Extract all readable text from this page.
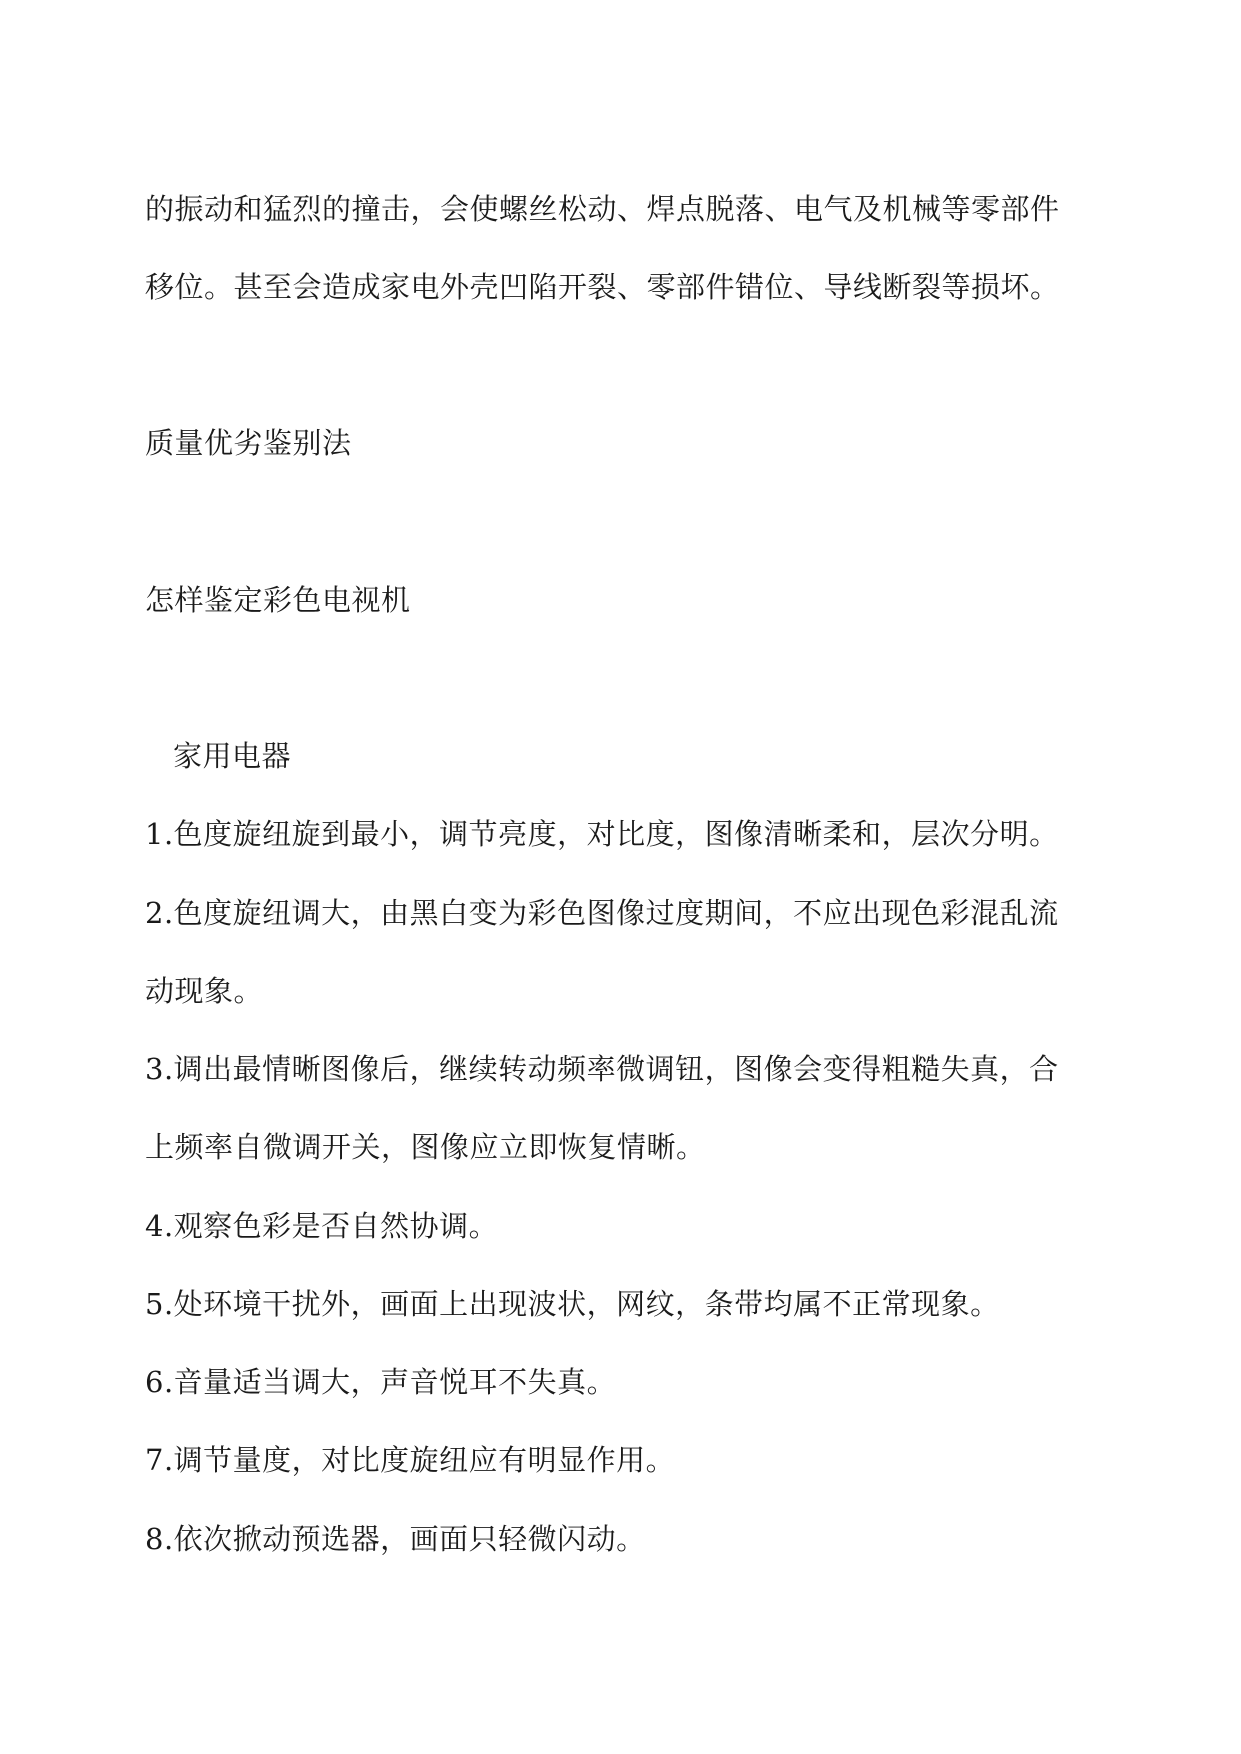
的振动和猛烈的撞击，会使螺丝松动、焊点脱落、电气及机械等零部件
移位。甚至会造成家电外壳凹陷开裂、零部件错位、导线断裂等损坏。
质量优劣鉴别法
怎样鉴定彩色电视机
家用电器
1.色度旋纽旋到最小，调节亮度，对比度，图像清晰柔和，层次分明。
2.色度旋纽调大，由黑白变为彩色图像过度期间，不应出现色彩混乱流
动现象。
3.调出最情晰图像后，继续转动频率微调钮，图像会变得粗糙失真，合
上频率自微调开关，图像应立即恢复情晰。
4.观察色彩是否自然协调。
5.处环境干扰外，画面上出现波状，网纹，条带均属不正常现象。
6.音量适当调大，声音悦耳不失真。
7.调节量度，对比度旋纽应有明显作用。
8.依次掀动预选器，画面只轻微闪动。
